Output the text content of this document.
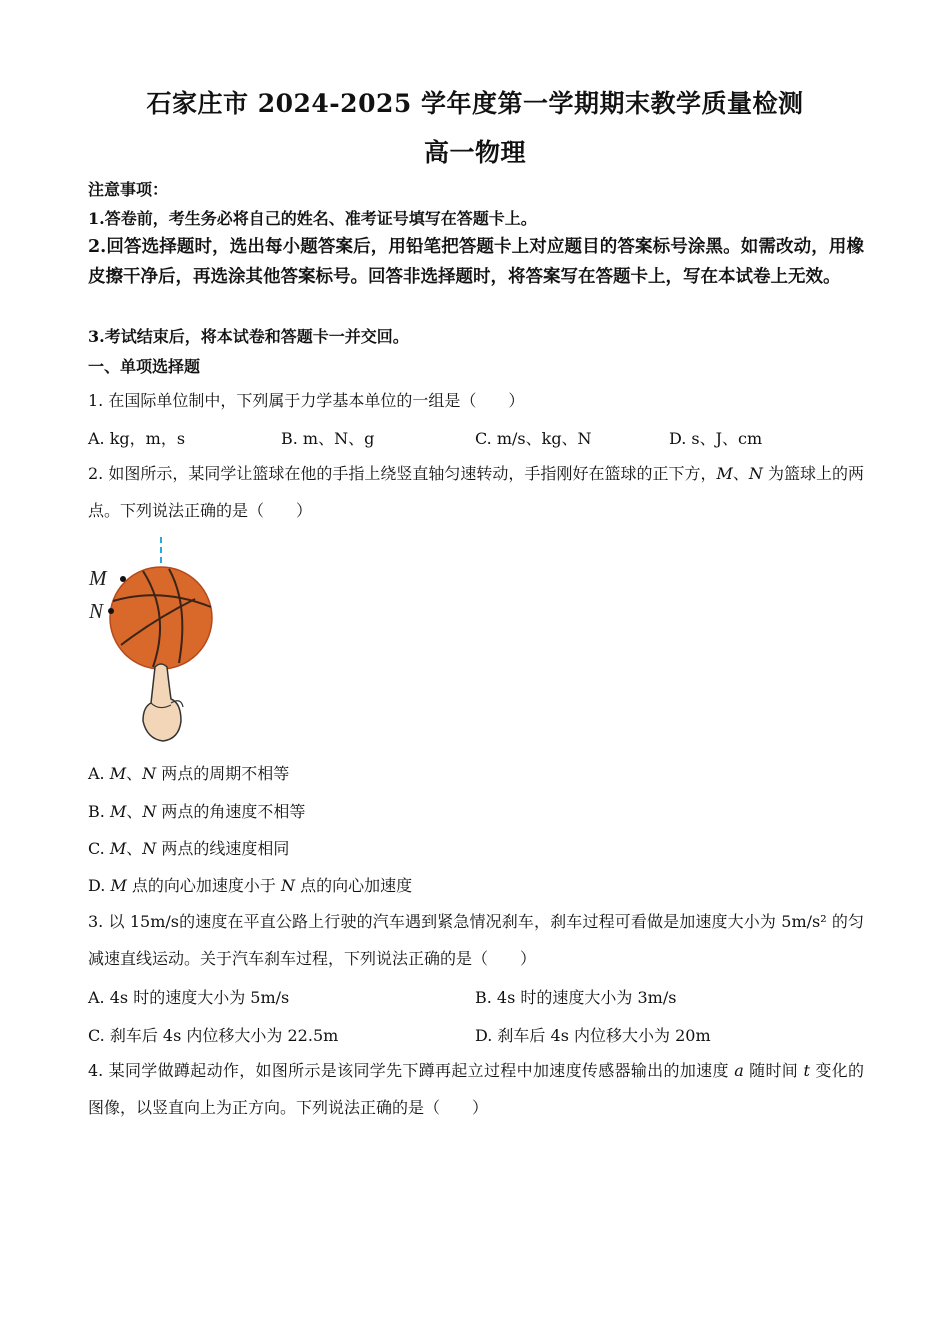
石家庄市 2024-2025 学年度第一学期期末教学质量检测
高一物理
注意事项：
1.答卷前，考生务必将自己的姓名、准考证号填写在答题卡上。
2.回答选择题时，选出每小题答案后，用铅笔把答题卡上对应题目的答案标号涂黑。如需改动，用橡皮擦干净后，再选涂其他答案标号。回答非选择题时，将答案写在答题卡上，写在本试卷上无效。
3.考试结束后，将本试卷和答题卡一并交回。
一、单项选择题
1. 在国际单位制中，下列属于力学基本单位的一组是（　　）
A. kg，m，s	B. m、N、g	C. m/s、kg、N	D. s、J、cm
2. 如图所示，某同学让篮球在他的手指上绕竖直轴匀速转动，手指刚好在篮球的正下方，M、N 为篮球上的两点。下列说法正确的是（　　）
M
N
A. M、N 两点的周期不相等
B. M、N 两点的角速度不相等
C. M、N 两点的线速度相同
D. M 点的向心加速度小于 N 点的向心加速度
3. 以 15m/s的速度在平直公路上行驶的汽车遇到紧急情况刹车，刹车过程可看做是加速度大小为 5m/s² 的匀减速直线运动。关于汽车刹车过程，下列说法正确的是（　　）
A. 4s 时的速度大小为 5m/s	B. 4s 时的速度大小为 3m/s
C. 刹车后 4s 内位移大小为 22.5m	D. 刹车后 4s 内位移大小为 20m
4. 某同学做蹲起动作，如图所示是该同学先下蹲再起立过程中加速度传感器输出的加速度 a 随时间 t 变化的图像，以竖直向上为正方向。下列说法正确的是（　　）
